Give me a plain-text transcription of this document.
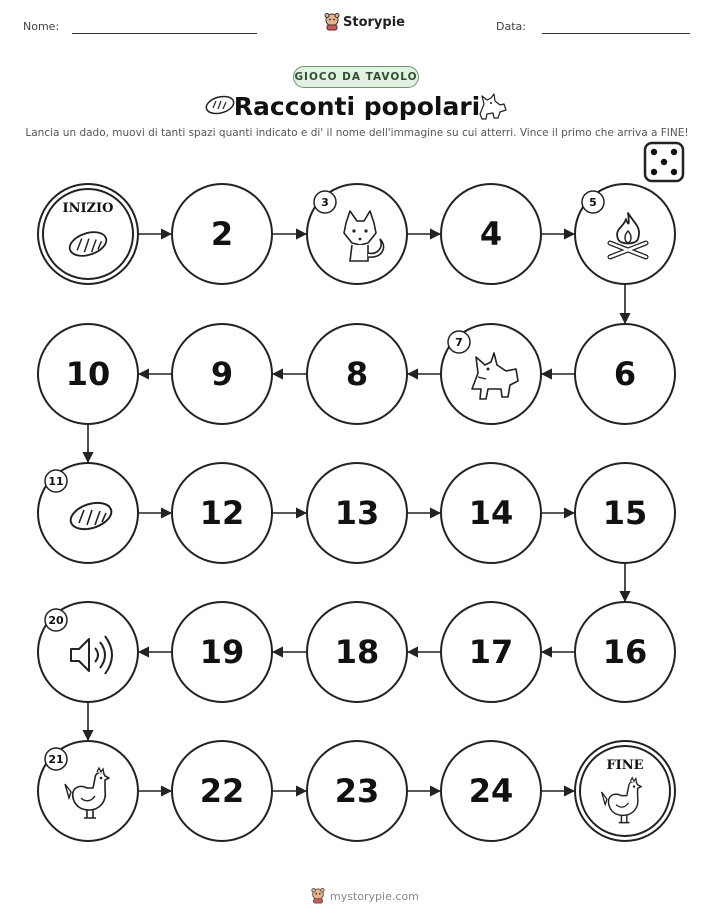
Nome:	Storypie	Data:
GIOCO DA TAVOLO
Racconti popolari
Lancia un dado, muovi di tanti spazi quanti indicato e di' il nome dell'immagine su cui atterri. Vince il primo che arriva a FINE!
INIZIO
2
3
4
5
6
7
8
9
10
11
12	13	14	15
16
17
18
19
20
21
22	23	24
FINE
mystorypie.com
